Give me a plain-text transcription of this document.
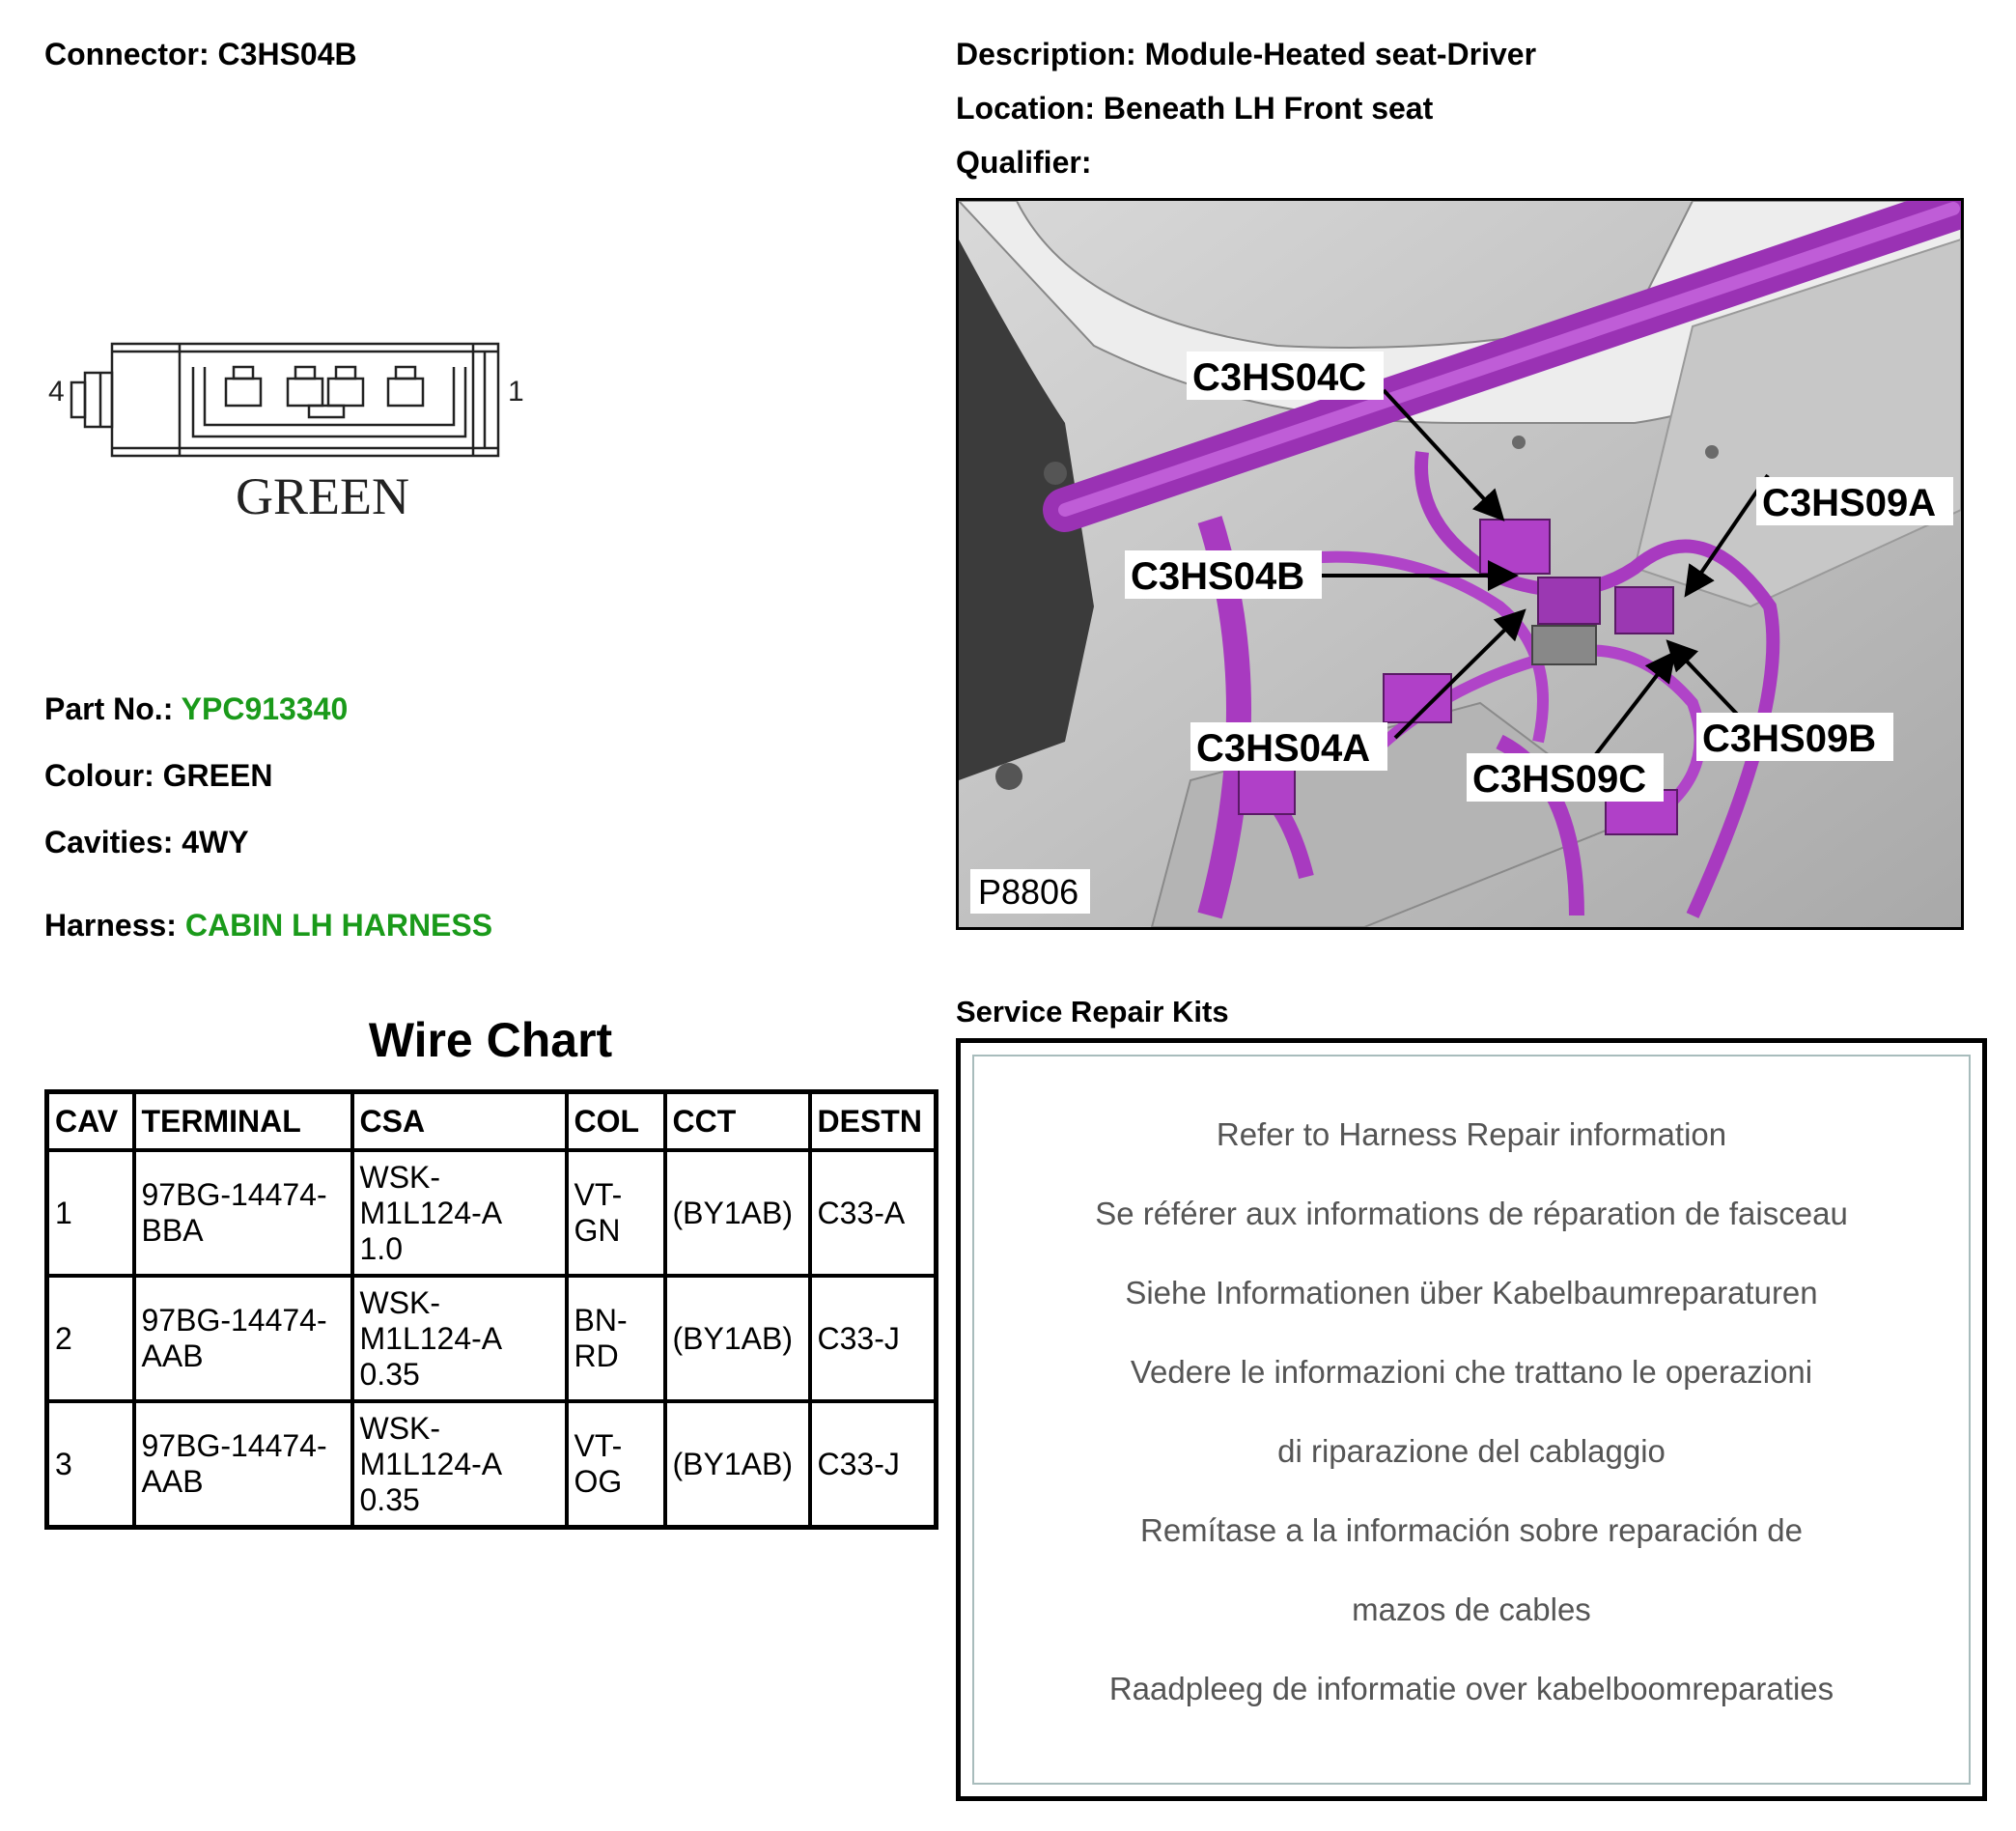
Connector: C3HS04B	Description: Module-Heated seat-Driver
Location: Beneath LH Front seat
Qualifier:
4	1
GREEN
Part No.: YPC913340
Colour: GREEN
Cavities: 4WY
Harness: CABIN LH HARNESS
Wire Chart
CAV	TERMINAL	CSA	COL	CCT	DESTN
1	97BG-14474-
BBA	WSK-
M1L124-A
1.0	VT-
GN	(BY1AB)	C33-A
2	97BG-14474-
AAB	WSK-
M1L124-A
0.35	BN-
RD	(BY1AB)	C33-J
3	97BG-14474-
AAB	WSK-
M1L124-A
0.35	VT-
OG	(BY1AB)	C33-J
C3HS04C
C3HS04B
C3HS04A
C3HS09A
C3HS09B
C3HS09C
P8806
Service Repair Kits
Refer to Harness Repair information
Se référer aux informations de réparation de faisceau
Siehe Informationen über Kabelbaumreparaturen
Vedere le informazioni che trattano le operazioni
di riparazione del cablaggio
Remítase a la información sobre reparación de
mazos de cables
Raadpleeg de informatie over kabelboomreparaties
